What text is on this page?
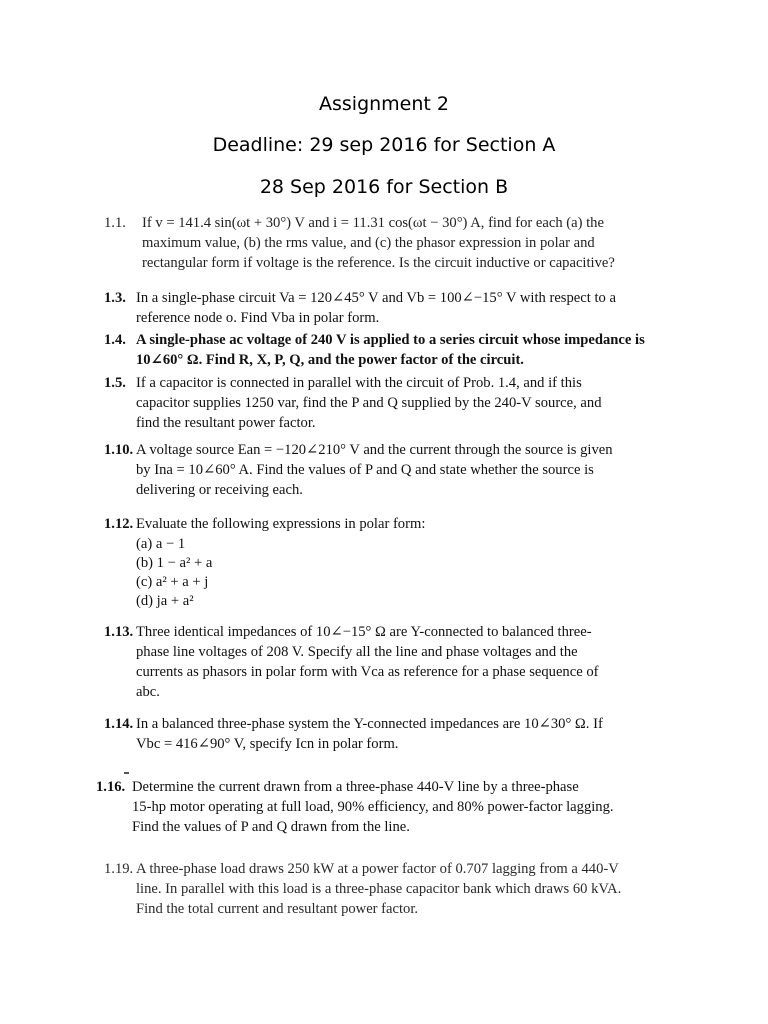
Assignment 2
Deadline: 29 sep 2016 for Section A
28 Sep 2016 for Section B
1.1. If v = 141.4 sin(ωt + 30°) V and i = 11.31 cos(ωt − 30°) A, find for each (a) the
maximum value, (b) the rms value, and (c) the phasor expression in polar and
rectangular form if voltage is the reference. Is the circuit inductive or capacitive?
1.3. In a single-phase circuit Va = 120∠45° V and Vb = 100∠−15° V with respect to a
reference node o. Find Vba in polar form.
1.4. A single-phase ac voltage of 240 V is applied to a series circuit whose impedance is
10∠60° Ω. Find R, X, P, Q, and the power factor of the circuit.
1.5. If a capacitor is connected in parallel with the circuit of Prob. 1.4, and if this
capacitor supplies 1250 var, find the P and Q supplied by the 240-V source, and
find the resultant power factor.
1.10. A voltage source Ean = −120∠210° V and the current through the source is given
by Ina = 10∠60° A. Find the values of P and Q and state whether the source is
delivering or receiving each.
1.12. Evaluate the following expressions in polar form:
(a) a − 1
(b) 1 − a² + a
(c) a² + a + j
(d) ja + a²
1.13. Three identical impedances of 10∠−15° Ω are Y-connected to balanced three-
phase line voltages of 208 V. Specify all the line and phase voltages and the
currents as phasors in polar form with Vca as reference for a phase sequence of
abc.
1.14. In a balanced three-phase system the Y-connected impedances are 10∠30° Ω. If
Vbc = 416∠90° V, specify Icn in polar form.
1.16. Determine the current drawn from a three-phase 440-V line by a three-phase
15-hp motor operating at full load, 90% efficiency, and 80% power-factor lagging.
Find the values of P and Q drawn from the line.
1.19. A three-phase load draws 250 kW at a power factor of 0.707 lagging from a 440-V
line. In parallel with this load is a three-phase capacitor bank which draws 60 kVA.
Find the total current and resultant power factor.
